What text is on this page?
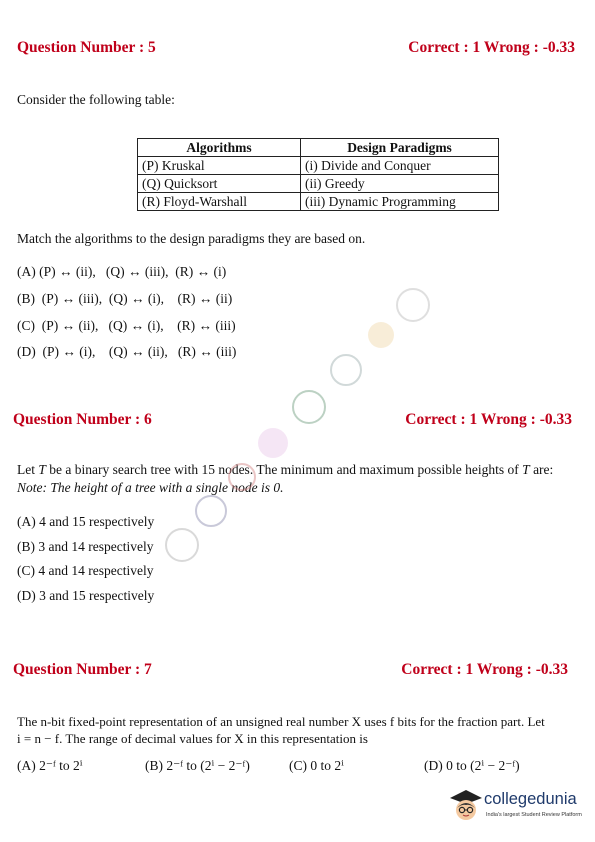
Question Number : 5	Correct : 1 Wrong : -0.33
Consider the following table:
Algorithms	Design Paradigms
(P) Kruskal	(i) Divide and Conquer
(Q) Quicksort	(ii) Greedy
(R) Floyd-Warshall	(iii) Dynamic Programming
Match the algorithms to the design paradigms they are based on.
(A) (P) ↔ (ii),   (Q) ↔ (iii),  (R) ↔ (i)
(B)  (P) ↔ (iii),  (Q) ↔ (i),    (R) ↔ (ii)
(C)  (P) ↔ (ii),   (Q) ↔ (i),    (R) ↔ (iii)
(D)  (P) ↔ (i),    (Q) ↔ (ii),   (R) ↔ (iii)
Question Number : 6	Correct : 1 Wrong : -0.33
Let T be a binary search tree with 15 nodes. The minimum and maximum possible heights of T are:
Note: The height of a tree with a single node is 0.
(A) 4 and 15 respectively
(B) 3 and 14 respectively
(C) 4 and 14 respectively
(D) 3 and 15 respectively
Question Number : 7	Correct : 1 Wrong : -0.33
The n-bit fixed-point representation of an unsigned real number X uses f bits for the fraction part. Let
i = n − f. The range of decimal values for X in this representation is
(A) 2⁻ᶠ to 2ⁱ	(B) 2⁻ᶠ to (2ⁱ − 2⁻ᶠ)	(C) 0 to 2ⁱ	(D) 0 to (2ⁱ − 2⁻ᶠ)
collegedunia
India's largest Student Review Platform
